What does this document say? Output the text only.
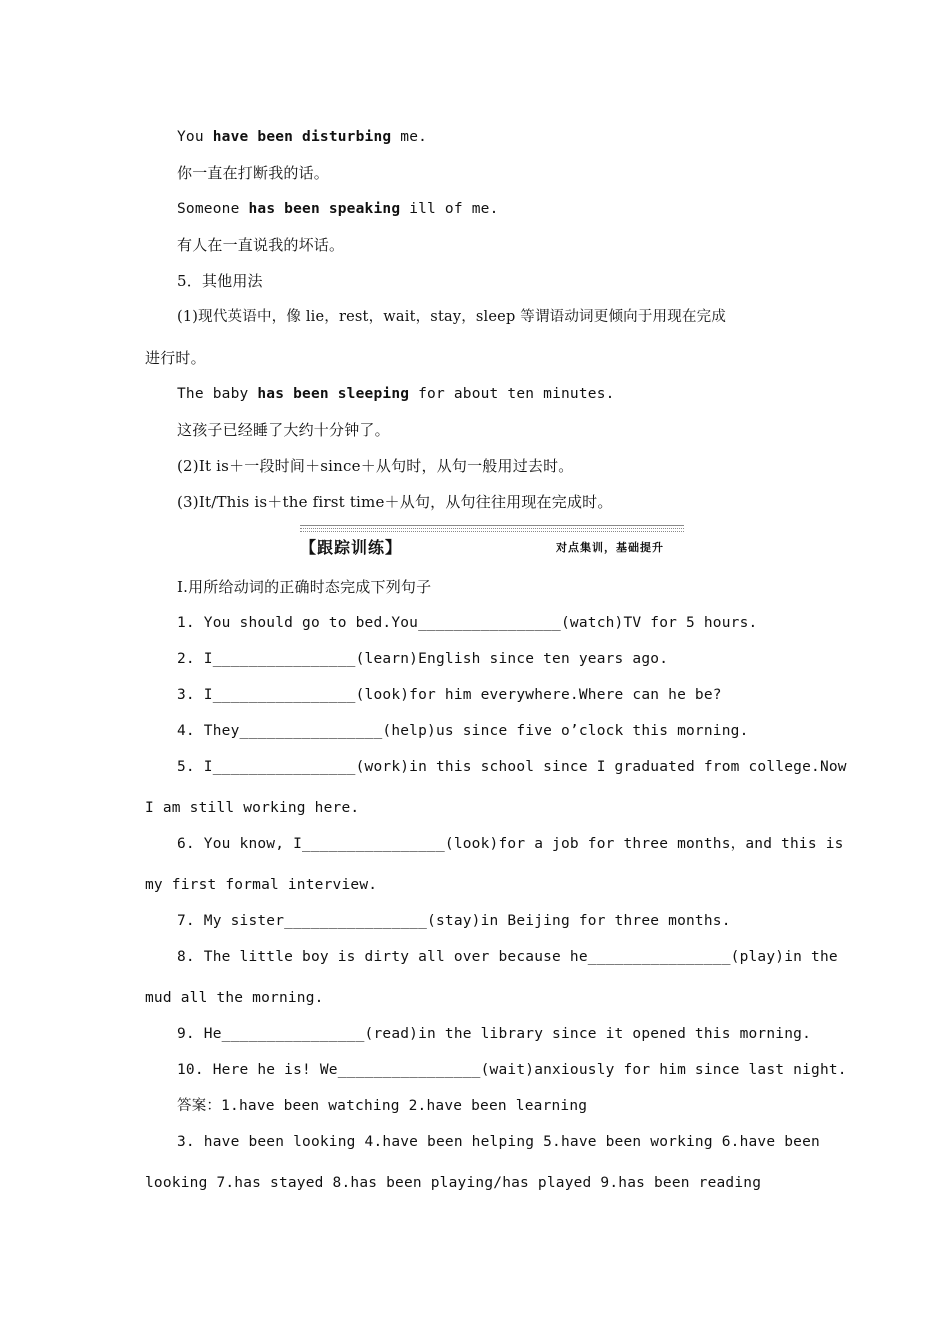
You have been disturbing me.
你一直在打断我的话。
Someone has been speaking ill of me.
有人在一直说我的坏话。
5．其他用法
(1)现代英语中，像 lie，rest，wait，stay，sleep 等谓语动词更倾向于用现在完成
进行时。
The baby has been sleeping for about ten minutes.
这孩子已经睡了大约十分钟了。
(2)It is＋一段时间＋since＋从句时，从句一般用过去时。
(3)It/This is＋the first time＋从句，从句往往用现在完成时。
【跟踪训练】	对点集训，基础提升
Ⅰ.用所给动词的正确时态完成下列句子
1. You should go to bed.You________________(watch)TV for 5 hours.
2. I________________(learn)English since ten years ago.
3. I________________(look)for him everywhere.Where can he be?
4. They________________(help)us since five o’clock this morning.
5. I________________(work)in this school since I graduated from college.Now
I am still working here.
6. You know, I________________(look)for a job for three months，and this is
my first formal interview.
7. My sister________________(stay)in Beijing for three months.
8. The little boy is dirty all over because he________________(play)in the
mud all the morning.
9. He________________(read)in the library since it opened this morning.
10. Here he is! We________________(wait)anxiously for him since last night.
答案：1.have been watching 2.have been learning
3. have been looking 4.have been helping 5.have been working 6.have been
looking 7.has stayed 8.has been playing/has played 9.has been reading
